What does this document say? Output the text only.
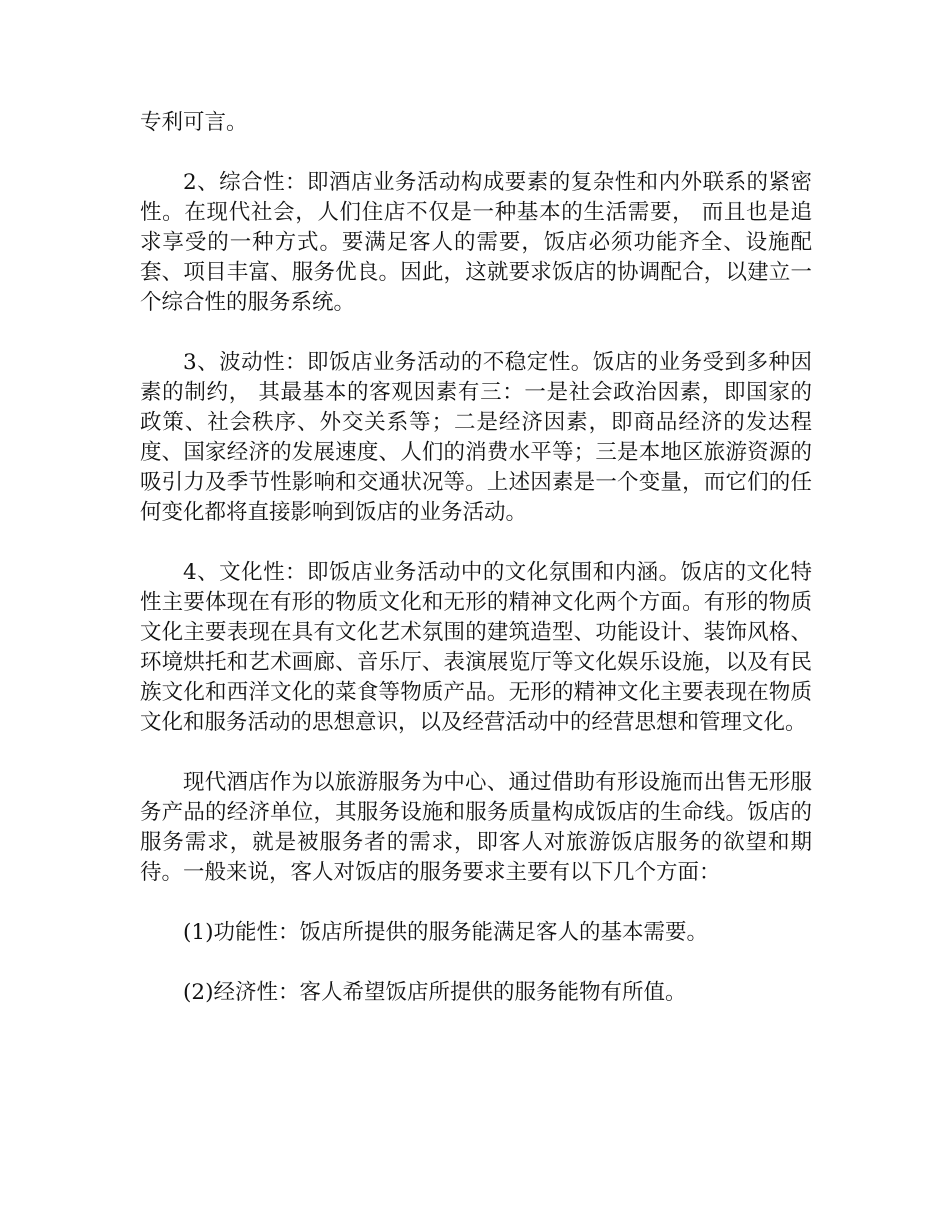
专利可言。

2、综合性：即酒店业务活动构成要素的复杂性和内外联系的紧密性。在现代社会，人们住店不仅是一种基本的生活需要， 而且也是追求享受的一种方式。要满足客人的需要，饭店必须功能齐全、设施配套、项目丰富、服务优良。因此，这就要求饭店的协调配合，以建立一个综合性的服务系统。

3、波动性：即饭店业务活动的不稳定性。饭店的业务受到多种因素的制约， 其最基本的客观因素有三：一是社会政治因素，即国家的政策、社会秩序、外交关系等；二是经济因素，即商品经济的发达程度、国家经济的发展速度、人们的消费水平等；三是本地区旅游资源的吸引力及季节性影响和交通状况等。上述因素是一个变量，而它们的任何变化都将直接影响到饭店的业务活动。

4、文化性：即饭店业务活动中的文化氛围和内涵。饭店的文化特性主要体现在有形的物质文化和无形的精神文化两个方面。有形的物质文化主要表现在具有文化艺术氛围的建筑造型、功能设计、装饰风格、环境烘托和艺术画廊、音乐厅、表演展览厅等文化娱乐设施，以及有民族文化和西洋文化的菜食等物质产品。无形的精神文化主要表现在物质文化和服务活动的思想意识，以及经营活动中的经营思想和管理文化。

现代酒店作为以旅游服务为中心、通过借助有形设施而出售无形服务产品的经济单位，其服务设施和服务质量构成饭店的生命线。饭店的服务需求，就是被服务者的需求，即客人对旅游饭店服务的欲望和期待。一般来说，客人对饭店的服务要求主要有以下几个方面：

(1)功能性：饭店所提供的服务能满足客人的基本需要。

(2)经济性：客人希望饭店所提供的服务能物有所值。
